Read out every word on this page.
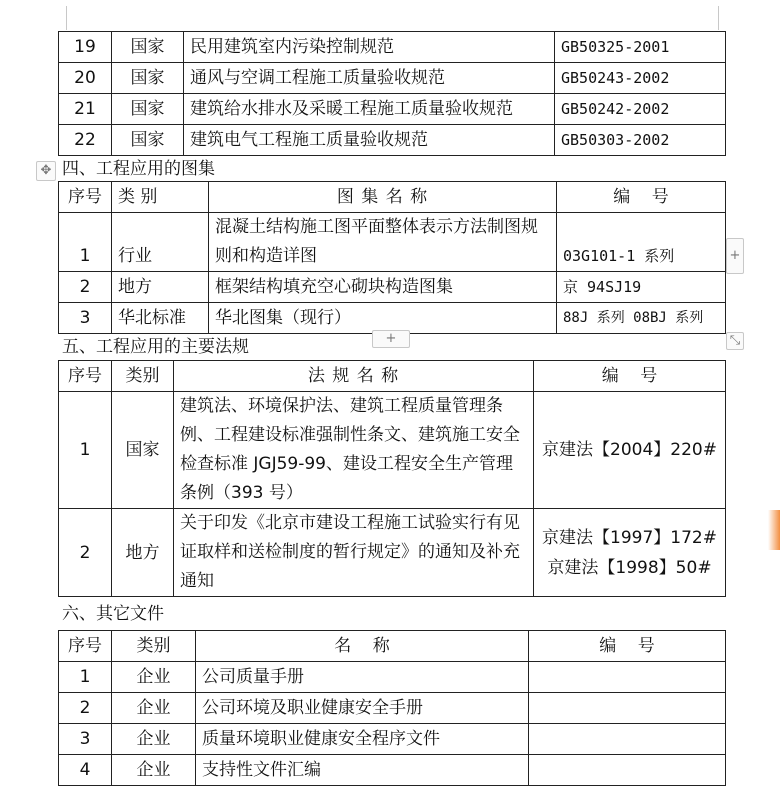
19	国家	民用建筑室内污染控制规范	GB50325-2001
20	国家	通风与空调工程施工质量验收规范	GB50243-2002
21	国家	建筑给水排水及采暖工程施工质量验收规范	GB50242-2002
22	国家	建筑电气工程施工质量验收规范	GB50303-2002
✥ 四、工程应用的图集
序号	类 别	图 集 名 称	编    号
1	行业	混凝土结构施工图平面整体表示方法制图规则和构造详图	03G101-1 系列
2	地方	框架结构填充空心砌块构造图集	京 94SJ19
3	华北标准	华北图集（现行）	88J 系列 08BJ 系列
+
+	⤡
五、工程应用的主要法规
序号	类别	法 规 名 称	编    号
1	国家	建筑法、环境保护法、建筑工程质量管理条例、工程建设标准强制性条文、建筑施工安全检查标准 JGJ59-99、建设工程安全生产管理条例（393 号）	京建法【2004】220#
2	地方	关于印发《北京市建设工程施工试验实行有见证取样和送检制度的暂行规定》的通知及补充通知	京建法【1997】172#
京建法【1998】50#
六、其它文件
序号	类别	名    称	编    号
1	企业	公司质量手册	
2	企业	公司环境及职业健康安全手册	
3	企业	质量环境职业健康安全程序文件	
4	企业	支持性文件汇编	
